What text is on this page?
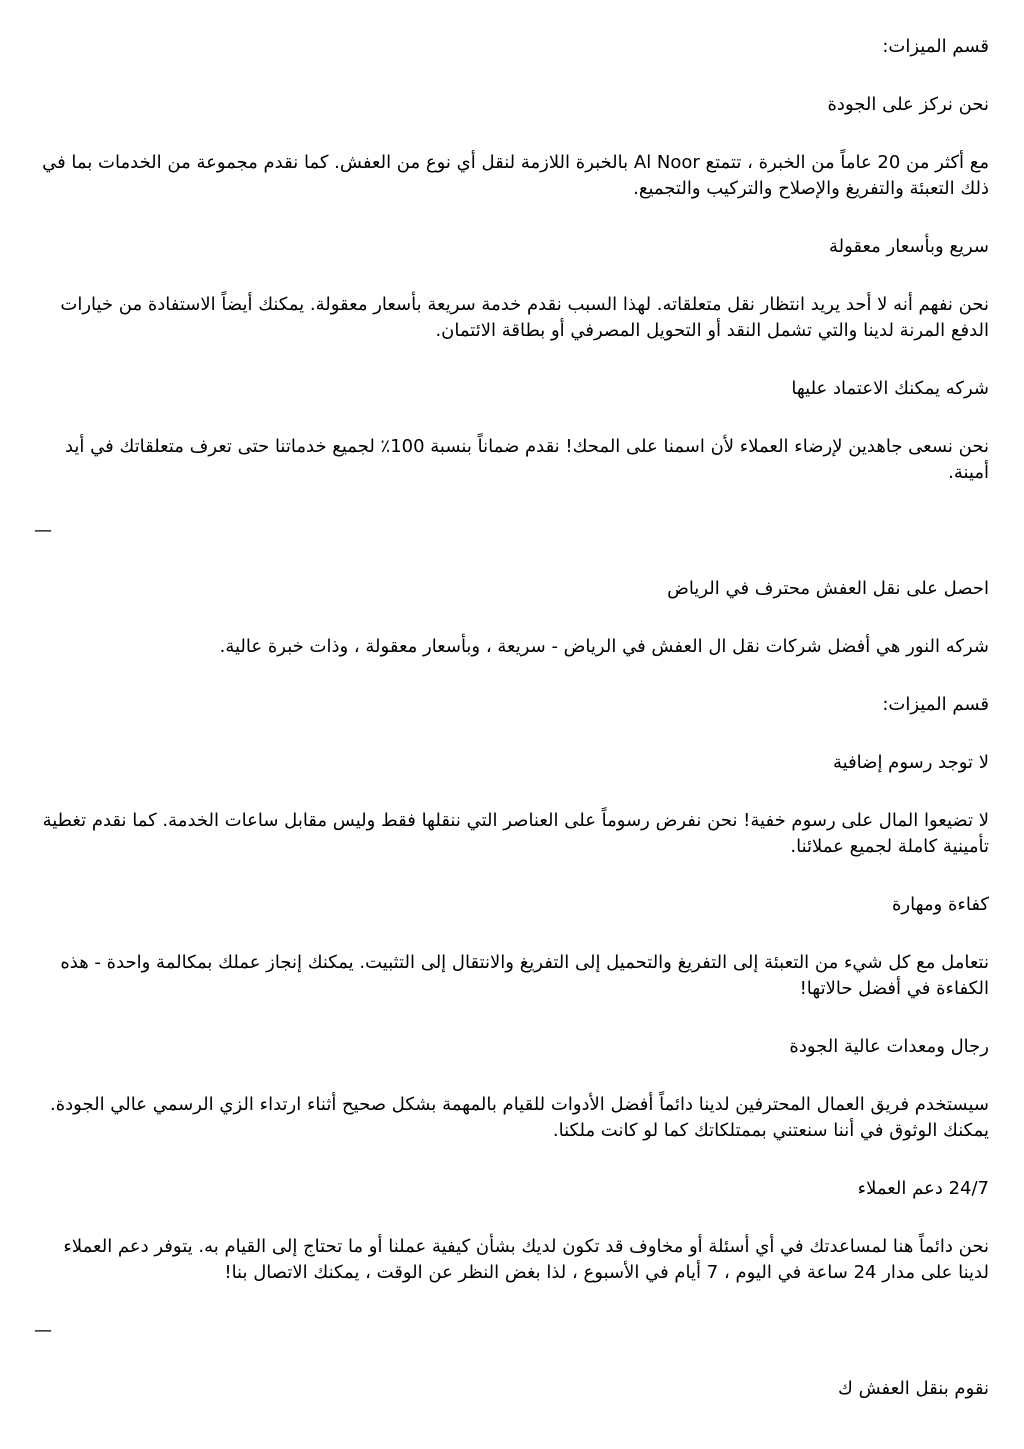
قسم الميزات:

نحن نركز على الجودة

مع أكثر من 20 عاماً من الخبرة ، تتمتع Al Noor بالخبرة اللازمة لنقل أي نوع من العفش. كما نقدم مجموعة من الخدمات بما في ذلك التعبئة والتفريغ والإصلاح والتركيب والتجميع.

سريع وبأسعار معقولة

نحن نفهم أنه لا أحد يريد انتظار نقل متعلقاته. لهذا السبب نقدم خدمة سريعة بأسعار معقولة. يمكنك أيضاً الاستفادة من خيارات الدفع المرنة لدينا والتي تشمل النقد أو التحويل المصرفي أو بطاقة الائتمان.

شركه يمكنك الاعتماد عليها

نحن نسعى جاهدين لإرضاء العملاء لأن اسمنا على المحك! نقدم ضماناً بنسبة 100٪ لجميع خدماتنا حتى تعرف متعلقاتك في أيد أمينة.

—

احصل على نقل العفش محترف في الرياض

شركه النور هي أفضل شركات نقل ال العفش في الرياض - سريعة ، وبأسعار معقولة ، وذات خبرة عالية.

قسم الميزات:

لا توجد رسوم إضافية

لا تضيعوا المال على رسوم خفية! نحن نفرض رسوماً على العناصر التي ننقلها فقط وليس مقابل ساعات الخدمة. كما نقدم تغطية تأمينية كاملة لجميع عملائنا.

كفاءة ومهارة

نتعامل مع كل شيء من التعبئة إلى التفريغ والتحميل إلى التفريغ والانتقال إلى التثبيت. يمكنك إنجاز عملك بمكالمة واحدة - هذه الكفاءة في أفضل حالاتها!

رجال ومعدات عالية الجودة

سيستخدم فريق العمال المحترفين لدينا دائماً أفضل الأدوات للقيام بالمهمة بشكل صحيح أثناء ارتداء الزي الرسمي عالي الجودة. يمكنك الوثوق في أننا سنعتني بممتلكاتك كما لو كانت ملكنا.

24/7 دعم العملاء

نحن دائماً هنا لمساعدتك في أي أسئلة أو مخاوف قد تكون لديك بشأن كيفية عملنا أو ما تحتاج إلى القيام به. يتوفر دعم العملاء لدينا على مدار 24 ساعة في اليوم ، 7 أيام في الأسبوع ، لذا بغض النظر عن الوقت ، يمكنك الاتصال بنا!

—

نقوم بنقل العفش ك
